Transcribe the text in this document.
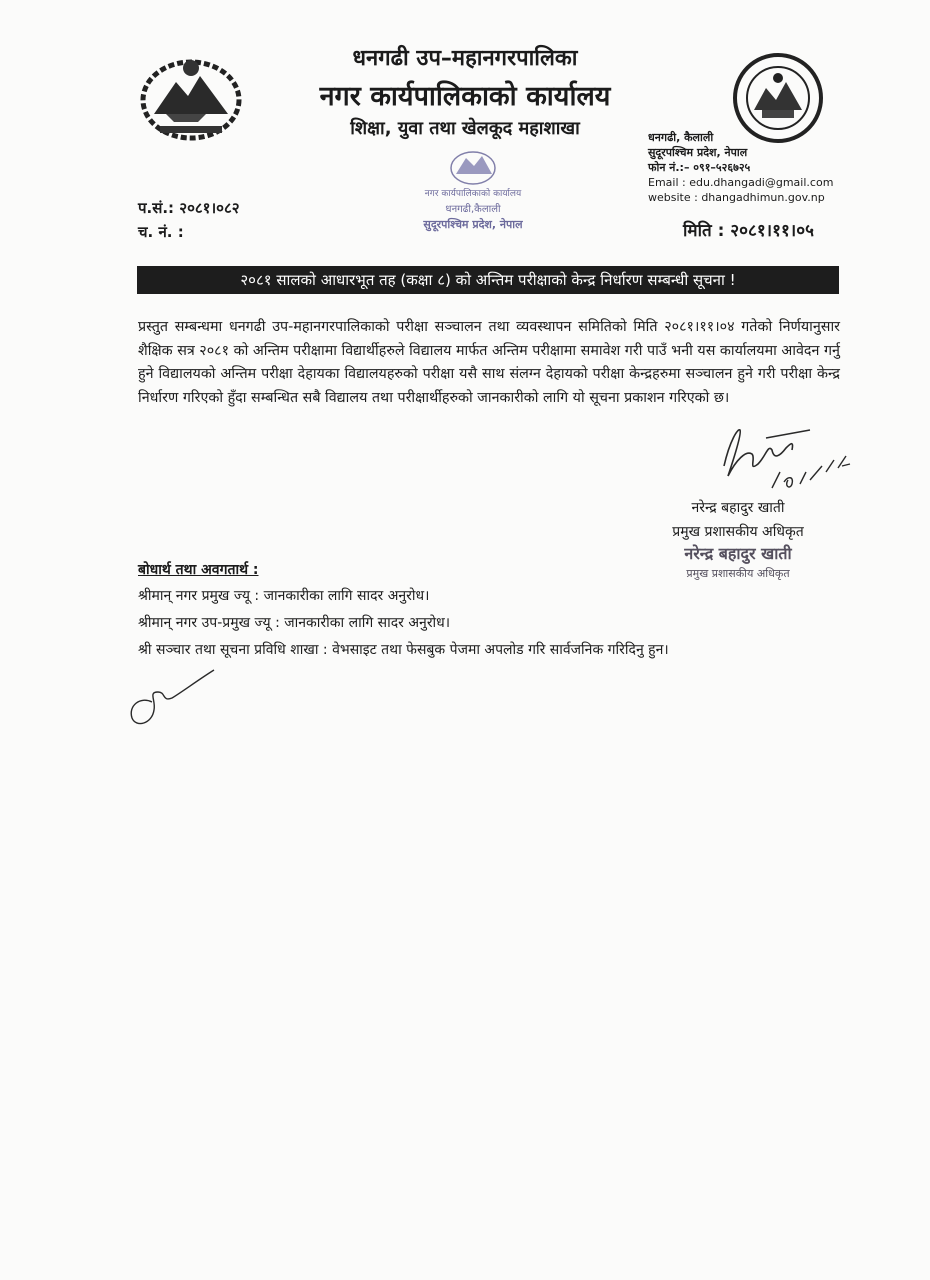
धनगढी उप–महानगरपालिका
नगर कार्यपालिकाको कार्यालय
शिक्षा, युवा तथा खेलकूद महाशाखा
नगर कार्यपालिकाको कार्यालय
धनगढी,कैलाली
सुदूरपश्चिम प्रदेश, नेपाल
धनगढी, कैलाली
सुदूरपश्चिम प्रदेश, नेपाल
फोन नं.:– ०९१–५२६७२५
Email : edu.dhangadi@gmail.com
website : dhangadhimun.gov.np
प.सं.: २०८१।०८२
च. नं. :	मिति : २०८१।११।०५
२०८१ सालको आधारभूत तह (कक्षा ८) को अन्तिम परीक्षाको केन्द्र निर्धारण सम्बन्धी सूचना !
प्रस्तुत सम्बन्धमा धनगढी उप-महानगरपालिकाको परीक्षा सञ्चालन तथा व्यवस्थापन समितिको मिति २०८१।११।०४ गतेको निर्णयानुसार शैक्षिक सत्र २०८१ को अन्तिम परीक्षामा विद्यार्थीहरुले विद्यालय मार्फत अन्तिम परीक्षामा समावेश गरी पाउँ भनी यस कार्यालयमा आवेदन गर्नु हुने विद्यालयको अन्तिम परीक्षा देहायका विद्यालयहरुको परीक्षा यसै साथ संलग्न देहायको परीक्षा केन्द्रहरुमा सञ्चालन हुने गरी परीक्षा केन्द्र निर्धारण गरिएको हुँदा सम्बन्धित सबै विद्यालय तथा परीक्षार्थीहरुको जानकारीको लागि यो सूचना प्रकाशन गरिएको छ।
नरेन्द्र बहादुर खाती
प्रमुख प्रशासकीय अधिकृत
नरेन्द्र बहादुर खाती
प्रमुख प्रशासकीय अधिकृत
बोधार्थ तथा अवगतार्थ :
श्रीमान् नगर प्रमुख ज्यू : जानकारीका लागि सादर अनुरोध।
श्रीमान् नगर उप-प्रमुख ज्यू : जानकारीका लागि सादर अनुरोध।
श्री सञ्चार तथा सूचना प्रविधि शाखा : वेभसाइट तथा फेसबुक पेजमा अपलोड गरि सार्वजनिक गरिदिनु हुन।
